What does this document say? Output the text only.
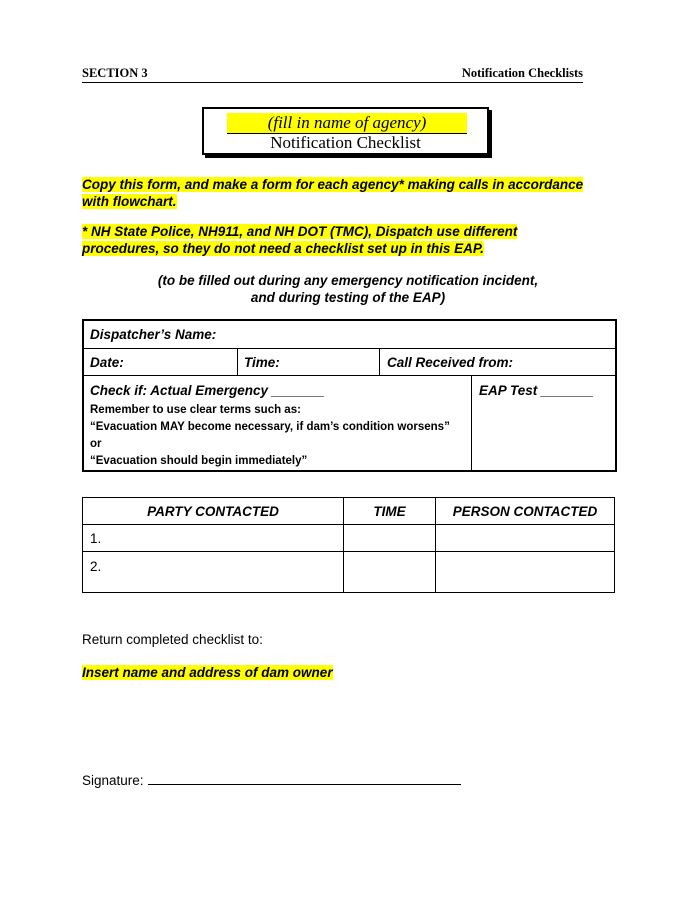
SECTION 3	Notification Checklists
(fill in name of agency)
Notification Checklist
Copy this form, and make a form for each agency* making calls in accordance
with flowchart.
* NH State Police, NH911, and NH DOT (TMC), Dispatch use different
procedures, so they do not need a checklist set up in this EAP.
(to be filled out during any emergency notification incident,
and during testing of the EAP)
Dispatcher’s Name:
Date:	Time:	Call Received from:
Check if: Actual Emergency _______	EAP Test _______
Remember to use clear terms such as:
“Evacuation MAY become necessary, if dam’s condition worsens”
or
“Evacuation should begin immediately”
PARTY CONTACTED	TIME	PERSON CONTACTED
1.		
2.		
Return completed checklist to:
Insert name and address of dam owner
Signature:
